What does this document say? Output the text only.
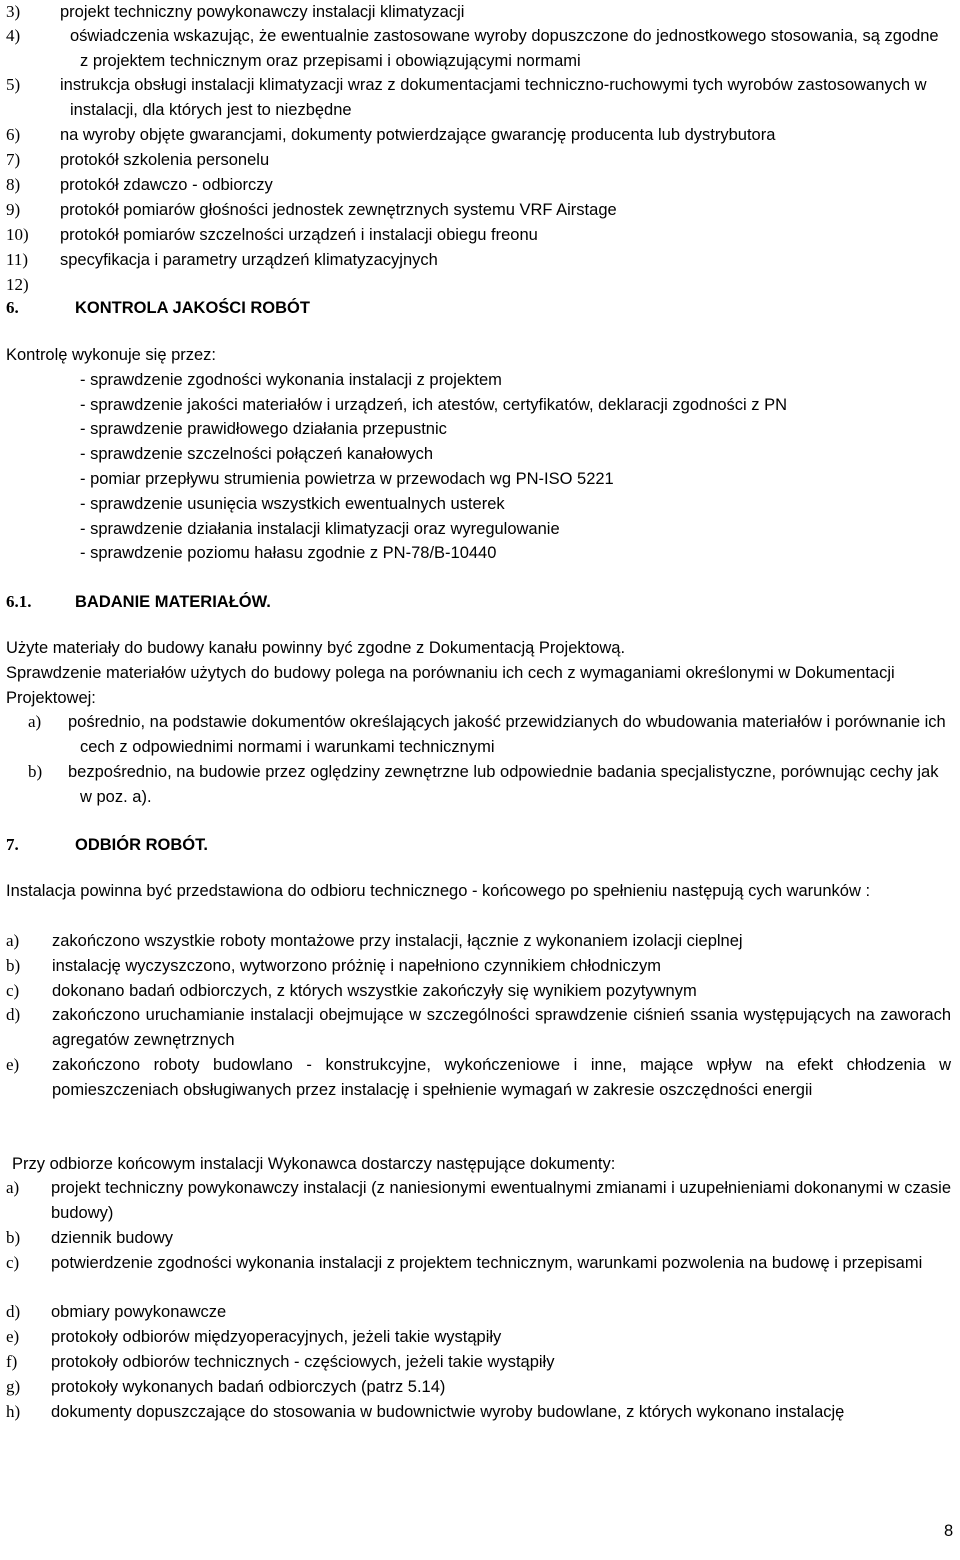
3)	projekt techniczny powykonawczy instalacji klimatyzacji
4)	oświadczenia wskazując, że ewentualnie zastosowane wyroby dopuszczone do jednostkowego stosowania, są zgodne z projektem technicznym oraz przepisami i obowiązującymi normami
5)	instrukcja obsługi instalacji klimatyzacji wraz z dokumentacjami techniczno-ruchowymi tych wyrobów zastosowanych w instalacji, dla których jest to niezbędne
6)	na wyroby objęte gwarancjami, dokumenty potwierdzające gwarancję producenta lub dystrybutora
7)	protokół szkolenia personelu
8)	protokół zdawczo - odbiorczy
9)	protokół pomiarów głośności jednostek zewnętrznych systemu VRF Airstage
10)	protokół pomiarów szczelności urządzeń i instalacji obiegu freonu
11)	specyfikacja i parametry urządzeń klimatyzacyjnych
12)
6.	KONTROLA JAKOŚCI ROBÓT
Kontrolę wykonuje się przez:
- sprawdzenie zgodności wykonania instalacji z projektem
- sprawdzenie jakości materiałów i urządzeń, ich atestów, certyfikatów, deklaracji zgodności z PN
- sprawdzenie prawidłowego działania przepustnic
- sprawdzenie szczelności połączeń kanałowych
- pomiar przepływu strumienia powietrza w przewodach wg PN-ISO 5221
- sprawdzenie usunięcia wszystkich ewentualnych usterek
- sprawdzenie działania instalacji klimatyzacji oraz wyregulowanie
- sprawdzenie poziomu hałasu zgodnie z PN-78/B-10440
6.1.	BADANIE MATERIAŁÓW.
Użyte materiały do budowy kanału powinny być zgodne z Dokumentacją Projektową.
Sprawdzenie materiałów użytych do budowy polega na porównaniu ich cech z wymaganiami określonymi w Dokumentacji Projektowej:
a)	pośrednio, na podstawie dokumentów określających jakość przewidzianych do wbudowania materiałów i porównanie ich cech z odpowiednimi normami i warunkami technicznymi
b)	bezpośrednio, na budowie przez oględziny zewnętrzne lub odpowiednie badania specjalistyczne, porównując cechy jak w poz. a).
7.	ODBIÓR ROBÓT.
Instalacja powinna być przedstawiona do odbioru technicznego - końcowego po spełnieniu następują cych warunków :
a)	zakończono wszystkie roboty montażowe przy instalacji, łącznie z wykonaniem izolacji cieplnej
b)	instalację wyczyszczono, wytworzono próżnię i napełniono czynnikiem chłodniczym
c)	dokonano badań odbiorczych, z których wszystkie zakończyły się wynikiem pozytywnym
d)	zakończono uruchamianie instalacji obejmujące w szczególności sprawdzenie ciśnień ssania występujących na zaworach agregatów zewnętrznych
e)	zakończono roboty budowlano - konstrukcyjne, wykończeniowe i inne, mające wpływ na efekt chłodzenia w pomieszczeniach obsługiwanych przez instalację i spełnienie wymagań w zakresie oszczędności energii
Przy odbiorze końcowym instalacji Wykonawca dostarczy następujące dokumenty:
a)	projekt techniczny powykonawczy instalacji (z naniesionymi ewentualnymi zmianami i uzupełnieniami dokonanymi w czasie budowy)
b)	dziennik budowy
c)	potwierdzenie zgodności wykonania instalacji z projektem technicznym, warunkami pozwolenia na budowę i przepisami
d)	obmiary powykonawcze
e)	protokoły odbiorów międzyoperacyjnych, jeżeli takie wystąpiły
f)	protokoły odbiorów technicznych - częściowych, jeżeli takie wystąpiły
g)	protokoły wykonanych badań odbiorczych (patrz 5.14)
h)	dokumenty dopuszczające do stosowania w budownictwie wyroby budowlane, z których wykonano instalację
8
